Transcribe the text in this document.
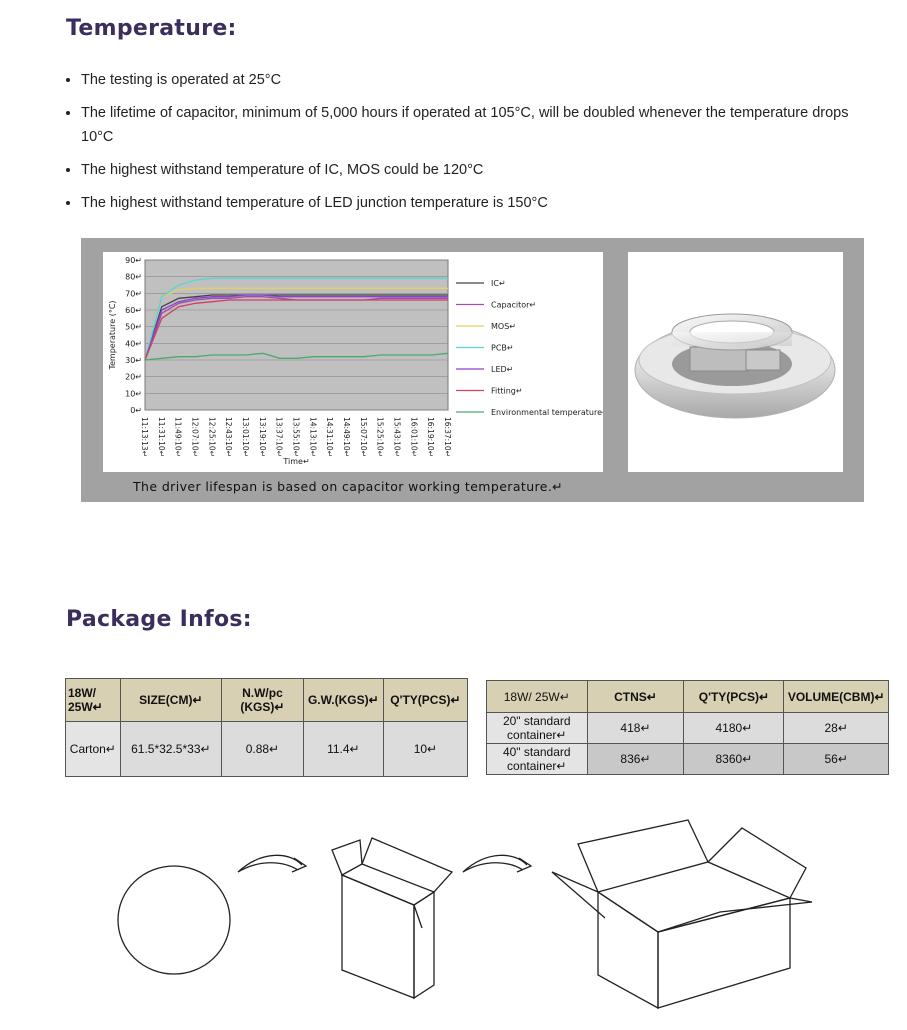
Temperature:
• The testing is operated at 25°C
• The lifetime of capacitor, minimum of 5,000 hours if operated at 105°C, will be doubled whenever the temperature drops 10°C
• The highest withstand temperature of IC, MOS could be 120°C
• The highest withstand temperature of LED junction temperature is 150°C
90↵
80↵
70↵
60↵
50↵
40↵
30↵
20↵
10↵
0↵
11:13:13↵ 11:31:10↵ 11:49:10↵ 12:07:10↵ 12:25:10↵ 12:43:10↵ 13:01:10↵ 13:19:10↵ 13:37:10↵ 13:55:10↵ 14:13:10↵ 14:31:10↵ 14:49:10↵ 15:07:10↵ 15:25:10↵ 15:43:10↵ 16:01:10↵ 16:19:10↵ 16:37:10↵
Temperature (°C)
Time↵
IC↵
Capacitor↵
MOS↵
PCB↵
LED↵
Fitting↵
Environmental temperature↵
The driver lifespan is based on capacitor working temperature.↵
Package Infos:
18W/ 25W↵	SIZE(CM)↵	N.W/pc (KGS)↵	G.W.(KGS)↵	Q'TY(PCS)↵
Carton↵	61.5*32.5*33↵	0.88↵	11.4↵	10↵
18W/ 25W↵	CTNS↵	Q'TY(PCS)↵	VOLUME(CBM)↵
20" standard container↵	418↵	4180↵	28↵
40" standard container↵	836↵	8360↵	56↵
